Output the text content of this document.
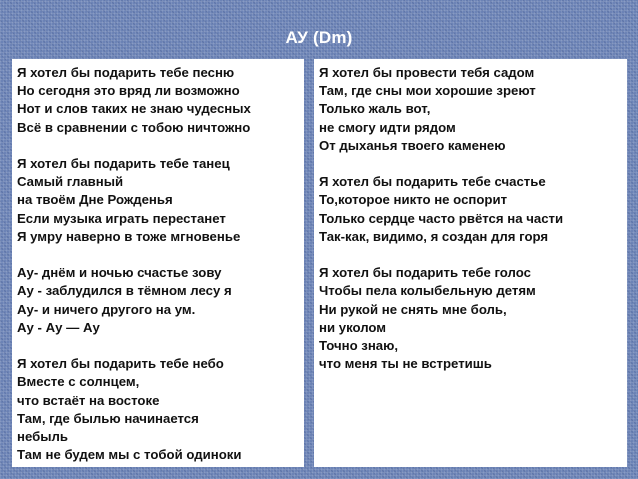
АУ (Dm)
Я хотел бы подарить тебе песню
Но сегодня это вряд ли возможно
Нот и слов таких не знаю чудесных
Всё в сравнении с тобою ничтожно
Я хотел бы подарить тебе танец
Самый главный
на твоём Дне Рожденья
Если музыка играть перестанет
Я умру наверно в тоже мгновенье
Ау- днём и ночью счастье зову
Ау - заблудился в тёмном лесу я
Ау- и ничего другого на ум.
Ау - Ау — Ау
Я хотел бы подарить тебе небо
Вместе с солнцем,
что встаёт на востоке
Там, где былью начинается
небыль
Там не будем мы с тобой одиноки
Я хотел бы провести тебя садом
Там, где сны мои хорошие зреют
Только жаль вот,
не смогу идти рядом
От дыханья твоего каменею
Я хотел бы подарить тебе счастье
То,которое никто не оспорит
Только сердце часто рвётся на части
Так-как, видимо, я создан для горя
Я хотел бы подарить тебе голос
Чтобы пела колыбельную детям
Ни рукой не снять мне боль,
ни уколом
Точно знаю,
что меня ты не встретишь
